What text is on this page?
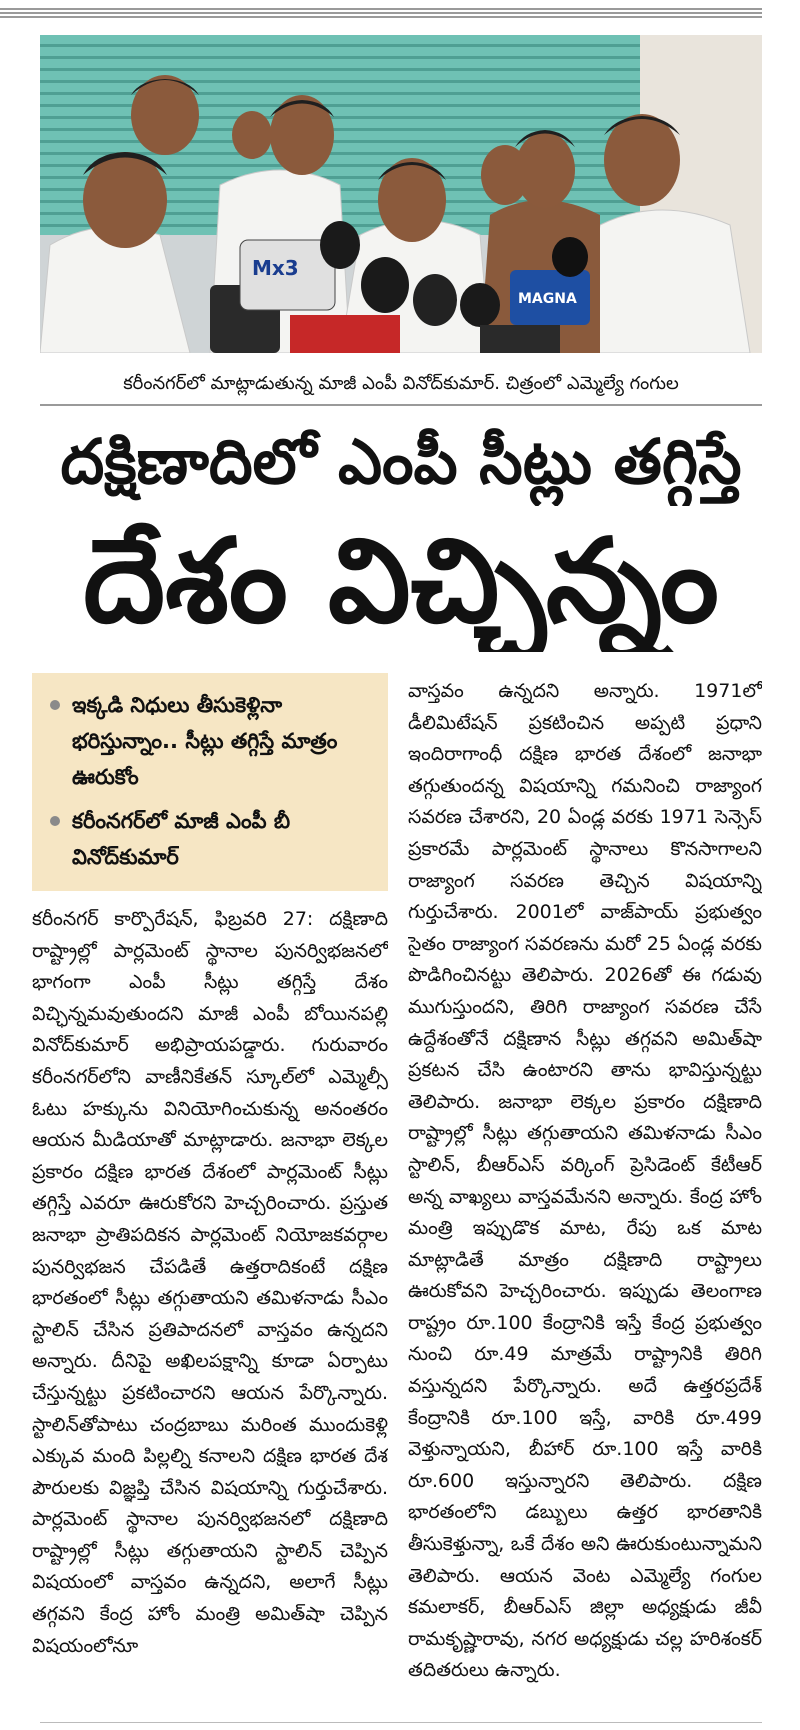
Mx3
MAGNA
కరీంనగర్‌లో మాట్లాడుతున్న మాజీ ఎంపీ వినోద్‌కుమార్. చిత్రంలో ఎమ్మెల్యే గంగుల
దక్షిణాదిలో ఎంపీ సీట్లు తగ్గిస్తే
దేశం విచ్ఛిన్నం
ఇక్కడి నిధులు తీసుకెళ్లినా భరిస్తున్నాం.. సీట్లు తగ్గిస్తే మాత్రం ఊరుకోం
కరీంనగర్‌లో మాజీ ఎంపీ బీ వినోద్‌కుమార్
కరీంనగర్ కార్పొరేషన్, ఫిబ్రవరి 27: దక్షిణాది రాష్ట్రాల్లో పార్లమెంట్ స్థానాల పునర్విభజనలో భాగంగా ఎంపీ సీట్లు తగ్గిస్తే దేశం విచ్ఛిన్నమవుతుందని మాజీ ఎంపీ బోయినపల్లి వినోద్‌కుమార్ అభిప్రాయపడ్డారు. గురువారం కరీంనగర్‌లోని వాణీనికేతన్ స్కూల్‌లో ఎమ్మెల్సీ ఓటు హక్కును వినియోగించుకున్న అనంతరం ఆయన మీడియాతో మాట్లాడారు. జనాభా లెక్కల ప్రకారం దక్షిణ భారత దేశంలో పార్లమెంట్ సీట్లు తగ్గిస్తే ఎవరూ ఊరుకోరని హెచ్చరించారు. ప్రస్తుత జనాభా ప్రాతిపదికన పార్లమెంట్ నియోజకవర్గాల పునర్విభజన చేపడితే ఉత్తరాదికంటే దక్షిణ భారతంలో సీట్లు తగ్గుతాయని తమిళనాడు సీఎం స్టాలిన్ చేసిన ప్రతిపాదనలో వాస్తవం ఉన్నదని అన్నారు. దీనిపై అఖిలపక్షాన్ని కూడా ఏర్పాటు చేస్తున్నట్టు ప్రకటించారని ఆయన పేర్కొన్నారు. స్టాలిన్‌తోపాటు చంద్రబాబు మరింత ముందుకెళ్లి ఎక్కువ మంది పిల్లల్ని కనాలని దక్షిణ భారత దేశ పౌరులకు విజ్ఞప్తి చేసిన విషయాన్ని గుర్తుచేశారు. పార్లమెంట్ స్థానాల పునర్విభజనలో దక్షిణాది రాష్ట్రాల్లో సీట్లు తగ్గుతాయని స్టాలిన్ చెప్పిన విషయంలో వాస్తవం ఉన్నదని, అలాగే సీట్లు తగ్గవని కేంద్ర హోం మంత్రి అమిత్‌షా చెప్పిన విషయంలోనూ
వాస్తవం ఉన్నదని అన్నారు. 1971లో డీలిమిటేషన్ ప్రకటించిన అప్పటి ప్రధాని ఇందిరాగాంధీ దక్షిణ భారత దేశంలో జనాభా తగ్గుతుందన్న విషయాన్ని గమనించి రాజ్యాంగ సవరణ చేశారని, 20 ఏండ్ల వరకు 1971 సెన్సెస్ ప్రకారమే పార్లమెంట్ స్థానాలు కొనసాగాలని రాజ్యాంగ సవరణ తెచ్చిన విషయాన్ని గుర్తుచేశారు. 2001లో వాజ్‌పాయ్ ప్రభుత్వం సైతం రాజ్యాంగ సవరణను మరో 25 ఏండ్ల వరకు పొడిగించినట్టు తెలిపారు. 2026తో ఈ గడువు ముగుస్తుందని, తిరిగి రాజ్యాంగ సవరణ చేసే ఉద్దేశంతోనే దక్షిణాన సీట్లు తగ్గవని అమిత్‌షా ప్రకటన చేసి ఉంటారని తాను భావిస్తున్నట్టు తెలిపారు. జనాభా లెక్కల ప్రకారం దక్షిణాది రాష్ట్రాల్లో సీట్లు తగ్గుతాయని తమిళనాడు సీఎం స్టాలిన్, బీఆర్‌ఎస్ వర్కింగ్ ప్రెసిడెంట్ కేటీఆర్ అన్న వాఖ్యలు వాస్తవమేనని అన్నారు. కేంద్ర హోం మంత్రి ఇప్పుడొక మాట, రేపు ఒక మాట మాట్లాడితే మాత్రం దక్షిణాది రాష్ట్రాలు ఊరుకోవని హెచ్చరించారు. ఇప్పుడు తెలంగాణ రాష్ట్రం రూ.100 కేంద్రానికి ఇస్తే కేంద్ర ప్రభుత్వం నుంచి రూ.49 మాత్రమే రాష్ట్రానికి తిరిగి వస్తున్నదని పేర్కొన్నారు. అదే ఉత్తరప్రదేశ్ కేంద్రానికి రూ.100 ఇస్తే, వారికి రూ.499 వెళ్తున్నాయని, బీహార్ రూ.100 ఇస్తే వారికి రూ.600 ఇస్తున్నారని తెలిపారు. దక్షిణ భారతంలోని డబ్బులు ఉత్తర భారతానికి తీసుకెళ్తున్నా, ఒకే దేశం అని ఊరుకుంటున్నామని తెలిపారు. ఆయన వెంట ఎమ్మెల్యే గంగుల కమలాకర్, బీఆర్‌ఎస్ జిల్లా అధ్యక్షుడు జీవీ రామకృష్ణారావు, నగర అధ్యక్షుడు చల్ల హరిశంకర్ తదితరులు ఉన్నారు.
